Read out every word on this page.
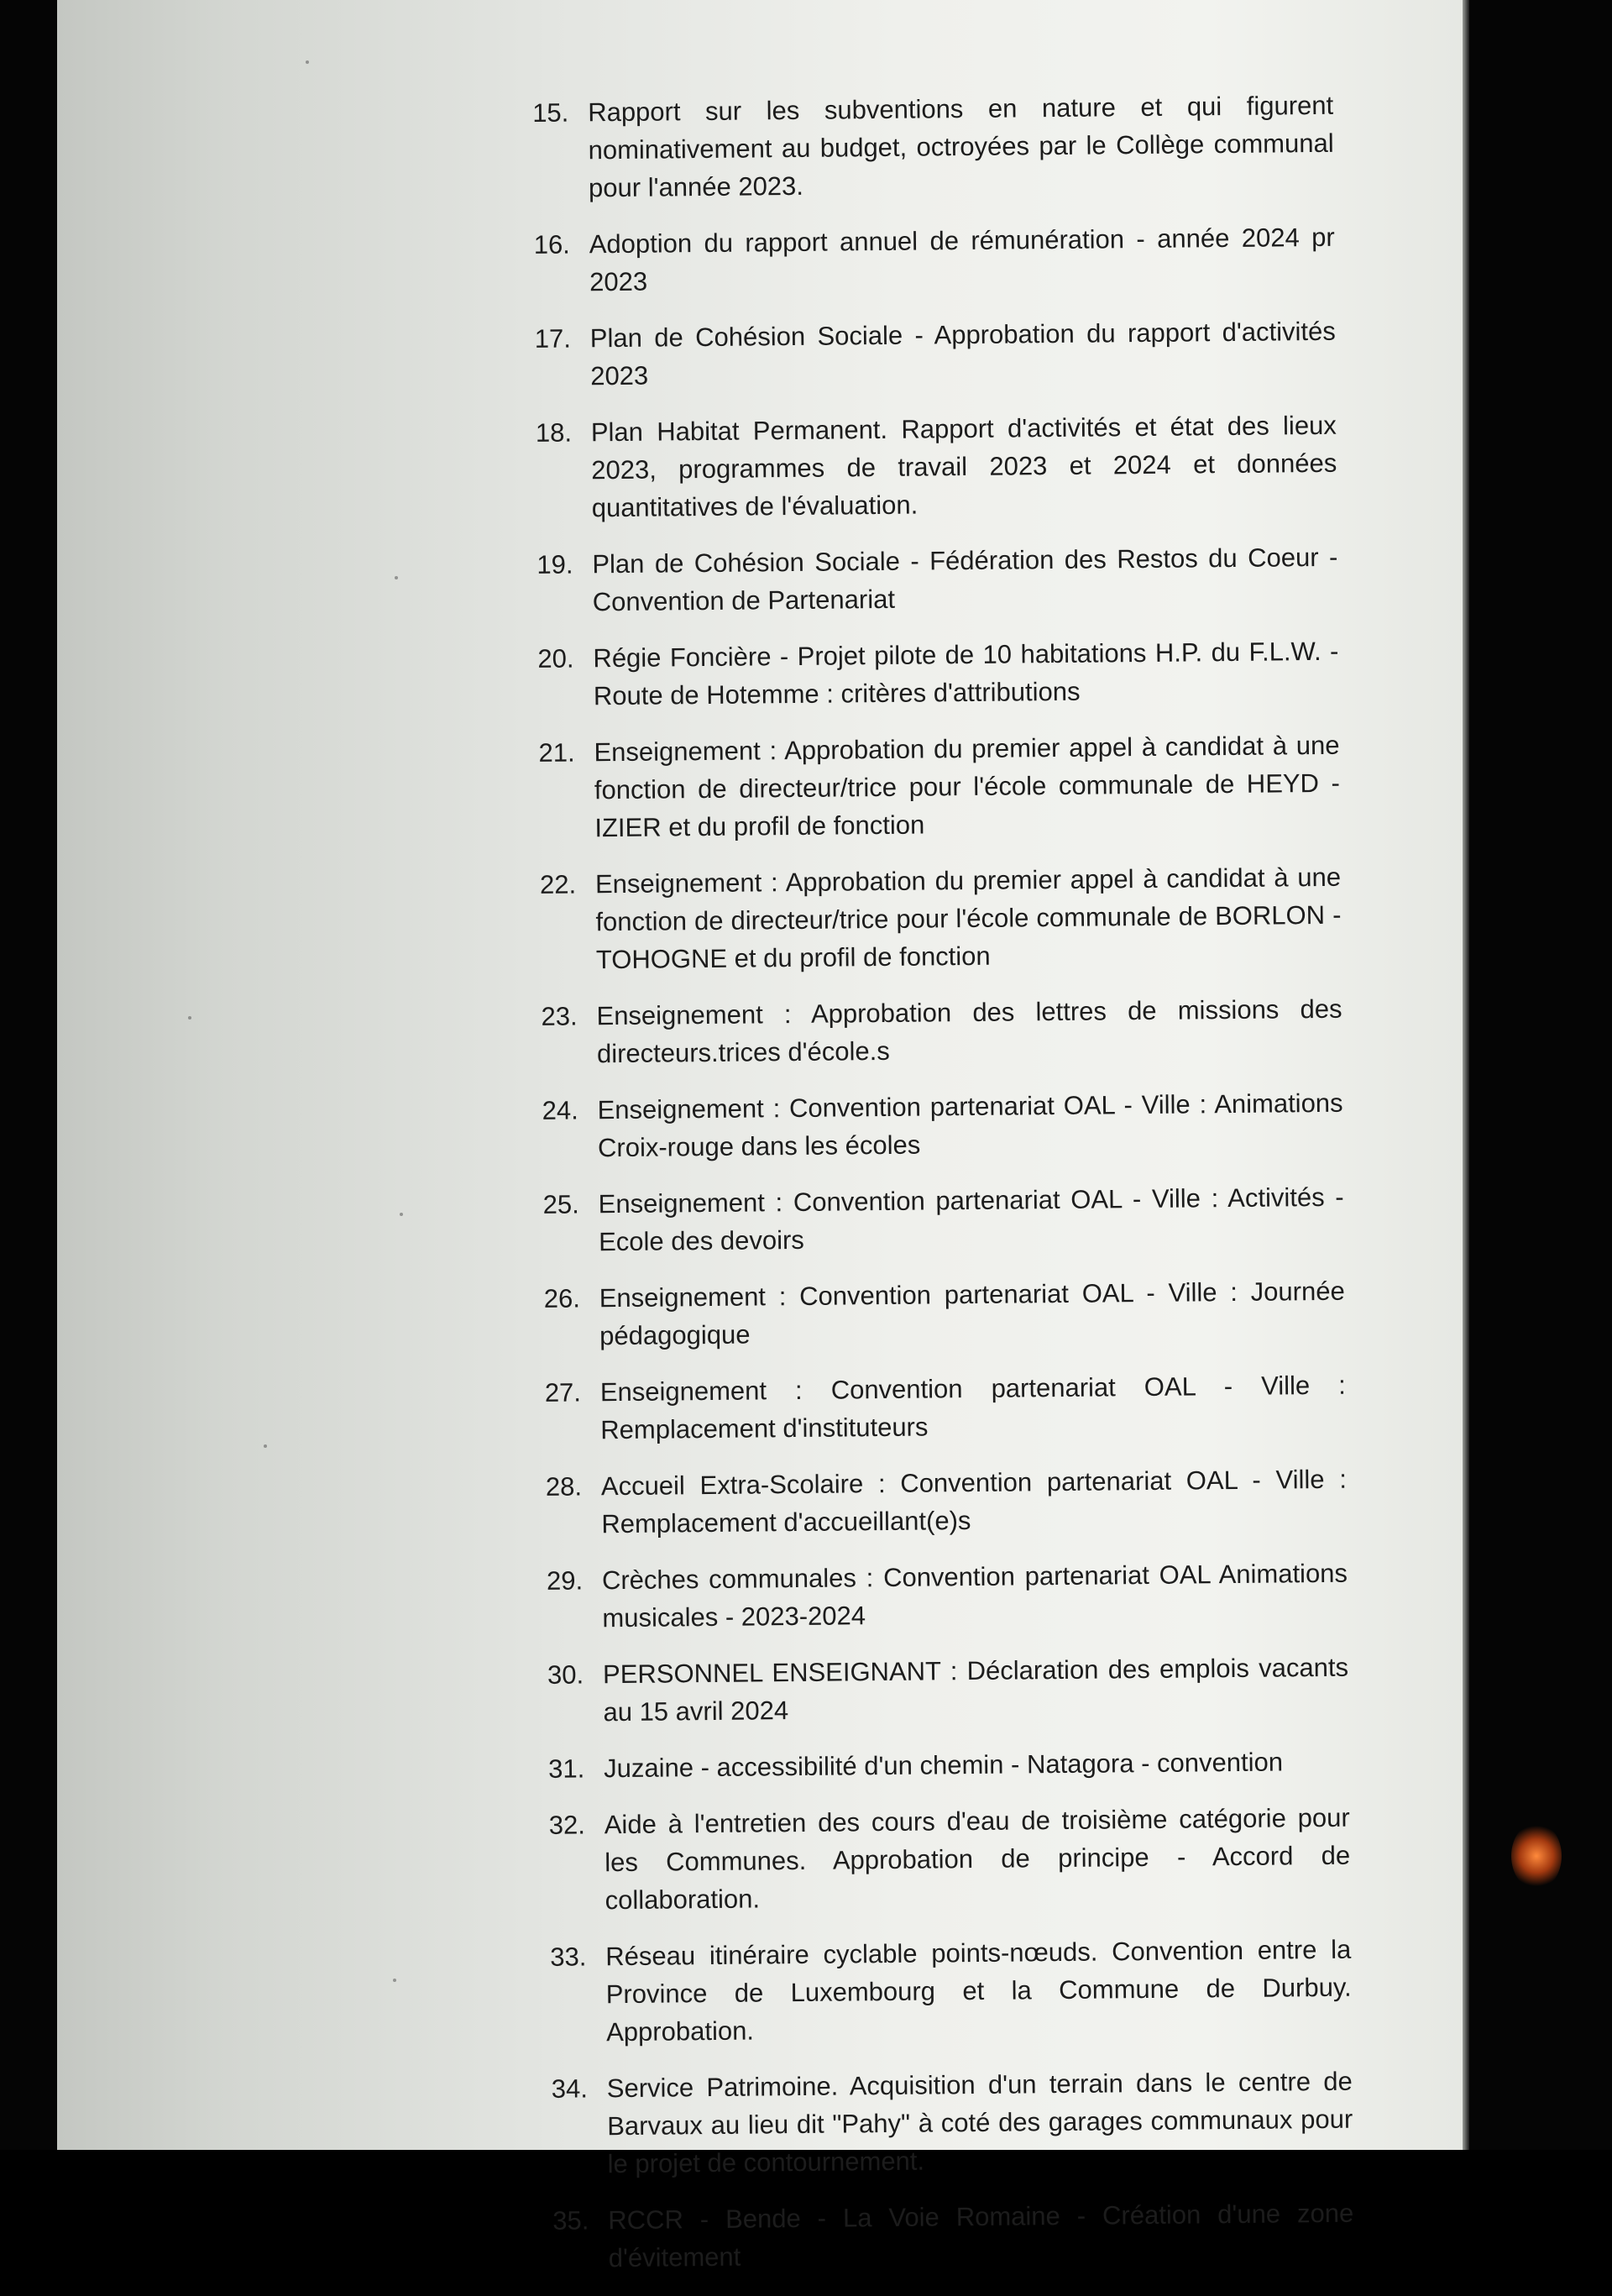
15. Rapport sur les subventions en nature et qui figurent nominativement au budget, octroyées par le Collège communal pour l'année 2023.
16. Adoption du rapport annuel de rémunération - année 2024 pr 2023
17. Plan de Cohésion Sociale - Approbation du rapport d'activités 2023
18. Plan Habitat Permanent. Rapport d'activités et état des lieux 2023, programmes de travail 2023 et 2024 et données quantitatives de l'évaluation.
19. Plan de Cohésion Sociale - Fédération des Restos du Coeur - Convention de Partenariat
20. Régie Foncière - Projet pilote de 10 habitations H.P. du F.L.W. - Route de Hotemme : critères d'attributions
21. Enseignement : Approbation du premier appel à candidat à une fonction de directeur/trice pour l'école communale de HEYD - IZIER et du profil de fonction
22. Enseignement : Approbation du premier appel à candidat à une fonction de directeur/trice pour l'école communale de BORLON - TOHOGNE et du profil de fonction
23. Enseignement : Approbation des lettres de missions des directeurs.trices d'école.s
24. Enseignement : Convention partenariat OAL - Ville : Animations Croix-rouge dans les écoles
25. Enseignement : Convention partenariat OAL - Ville : Activités - Ecole des devoirs
26. Enseignement : Convention partenariat OAL - Ville : Journée pédagogique
27. Enseignement : Convention partenariat OAL - Ville : Remplacement d'instituteurs
28. Accueil Extra-Scolaire : Convention partenariat OAL - Ville : Remplacement d'accueillant(e)s
29. Crèches communales : Convention partenariat OAL Animations musicales - 2023-2024
30. PERSONNEL ENSEIGNANT : Déclaration des emplois vacants au 15 avril 2024
31. Juzaine - accessibilité d'un chemin - Natagora - convention
32. Aide à l'entretien des cours d'eau de troisième catégorie pour les Communes. Approbation de principe - Accord de collaboration.
33. Réseau itinéraire cyclable points-nœuds. Convention entre la Province de Luxembourg et la Commune de Durbuy. Approbation.
34. Service Patrimoine. Acquisition d'un terrain dans le centre de Barvaux au lieu dit "Pahy" à coté des garages communaux pour le projet de contournement.
35. RCCR - Bende - La Voie Romaine - Création d'une zone d'évitement
